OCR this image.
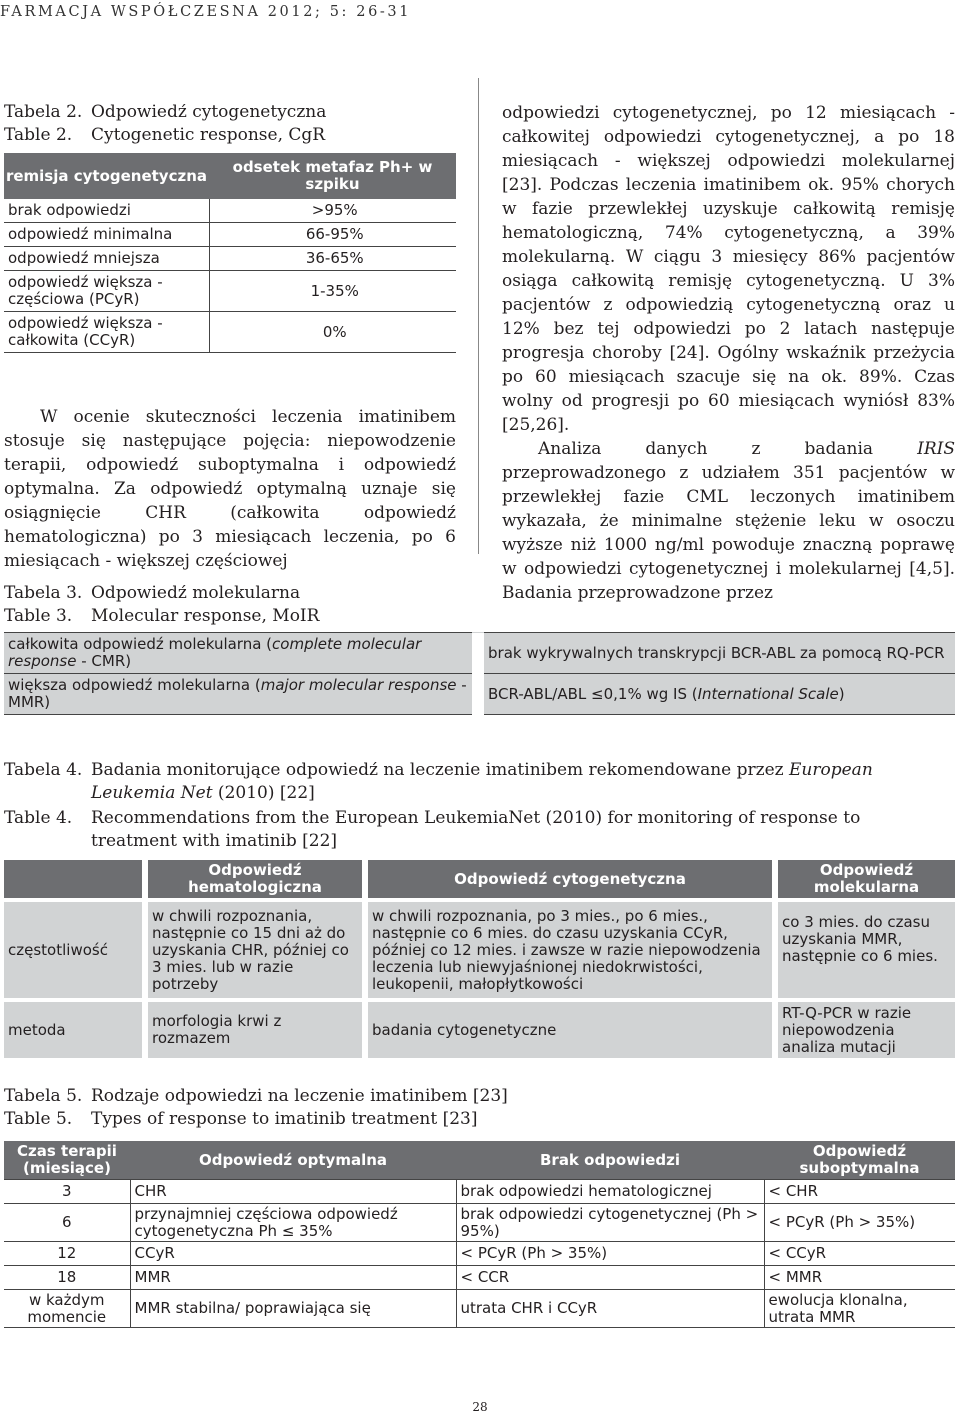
FARMACJA WSPÓŁCZESNA 2012; 5: 26-31
Tabela 2. Odpowiedź cytogenetyczna
Table 2. Cytogenetic response, CgR
remisja cytogenetyczna	odsetek metafaz Ph+ w szpiku
brak odpowiedzi	>95%
odpowiedź minimalna	66-95%
odpowiedź mniejsza	36-65%
odpowiedź większa - częściowa (PCyR)	1-35%
odpowiedź większa - całkowita (CCyR)	0%

W ocenie skuteczności leczenia imatinibem stosuje się następujące pojęcia: niepowodzenie terapii, odpowiedź suboptymalna i odpowiedź optymalna. Za odpowiedź optymalną uznaje się osiągnięcie CHR (całkowita odpowiedź hematologiczna) po 3 miesiącach leczenia, po 6 miesiącach - większej częściowej

odpowiedzi cytogenetycznej, po 12 miesiącach - całkowitej odpowiedzi cytogenetycznej, a po 18 miesiącach - większej odpowiedzi molekularnej [23]. Podczas leczenia imatinibem ok. 95% chorych w fazie przewlekłej uzyskuje całkowitą remisję hematologiczną, 74% cytogenetyczną, a 39% molekularną. W ciągu 3 miesięcy 86% pacjentów osiąga całkowitą remisję cytogenetyczną. U 3% pacjentów z odpowiedzią cytogenetyczną oraz u 12% bez tej odpowiedzi po 2 latach następuje progresja choroby [24]. Ogólny wskaźnik przeżycia po 60 miesiącach szacuje się na ok. 89%. Czas wolny od progresji po 60 miesiącach wyniósł 83% [25,26].

Analiza danych z badania IRIS przeprowadzonego z udziałem 351 pacjentów w przewlekłej fazie CML leczonych imatinibem wykazała, że minimalne stężenie leku w osoczu wyższe niż 1000 ng/ml powoduje znaczną poprawę w odpowiedzi cytogenetycznej i molekularnej [4,5]. Badania przeprowadzone przez

Tabela 3. Odpowiedź molekularna
Table 3. Molecular response, MoIR
całkowita odpowiedź molekularna (complete molecular response - CMR)		brak wykrywalnych transkrypcji BCR-ABL za pomocą RQ-PCR
większa odpowiedź molekularna (major molecular response - MMR)		BCR-ABL/ABL ≤0,1% wg IS (International Scale)
Tabela 4. Badania monitorujące odpowiedź na leczenie imatinibem rekomendowane przez European Leukemia Net (2010) [22]
Table 4.	Recommendations from the European LeukemiaNet (2010) for monitoring of response to treatment with imatinib [22]
	Odpowiedź hematologiczna	Odpowiedź cytogenetyczna	Odpowiedź molekularna

częstotliwość	w chwili rozpoznania, następnie co 15 dni aż do uzyskania CHR, później co 3 mies. lub w razie potrzeby	w chwili rozpoznania, po 3 mies., po 6 mies., następnie co 6 mies. do czasu uzyskania CCyR, później co 12 mies. i zawsze w razie niepowodzenia leczenia lub niewyjaśnionej niedokrwistości, leukopenii, małopłytkowości	co 3 mies. do czasu uzyskania MMR, następnie co 6 mies.

metoda	morfologia krwi z rozmazem	badania cytogenetyczne	RT-Q-PCR w razie niepowodzenia analiza mutacji
Tabela 5. Rodzaje odpowiedzi na leczenie imatinibem [23]
Table 5. Types of response to imatinib treatment [23]
Czas terapii (miesiące)	Odpowiedź optymalna	Brak odpowiedzi	Odpowiedź suboptymalna
3	CHR	brak odpowiedzi hematologicznej	< CHR
6	przynajmniej częściowa odpowiedź cytogenetyczna Ph ≤ 35%	brak odpowiedzi cytogenetycznej (Ph > 95%)	< PCyR (Ph > 35%)
12	CCyR	< PCyR (Ph > 35%)	< CCyR
18	MMR	< CCR	< MMR
w każdym momencie	MMR stabilna/ poprawiająca się	utrata CHR i CCyR	ewolucja klonalna, utrata MMR
28
